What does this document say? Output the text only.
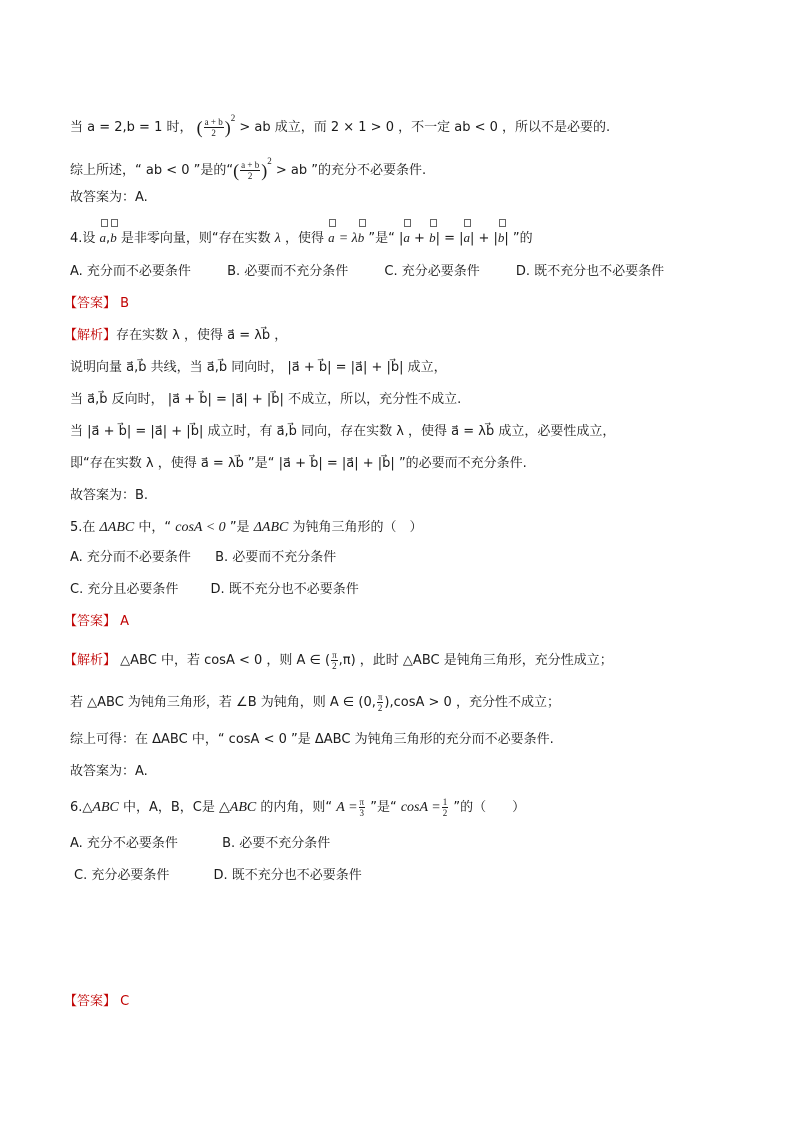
当 a = 2,b = 1 时， ( $\frac{a + b}{2} )^2$ > ab 成立，而 2 × 1 > 0 ，不一定 ab < 0 ，所以不是必要的.
综上所述，“ ab < 0 ”是的“( $\frac{a + b}{2} )^2$ > ab ”的充分不必要条件.
故答案为：A.
4.设 a,b 是非零向量，则“存在实数 λ ，使得 a = λb ”是“ |a + b| = |a| + |b| ”的
A. 充分而不必要条件	B. 必要而不充分条件	C. 充分必要条件	D. 既不充分也不必要条件
【答案】 B
【解析】存在实数 λ ，使得 a⃗ = λb⃗ ，
说明向量 a⃗,b⃗ 共线，当 a⃗,b⃗ 同向时， |a⃗ + b⃗| = |a⃗| + |b⃗| 成立，
当 a⃗,b⃗ 反向时， |a⃗ + b⃗| = |a⃗| + |b⃗| 不成立，所以，充分性不成立.
当 |a⃗ + b⃗| = |a⃗| + |b⃗| 成立时，有 a⃗,b⃗ 同向，存在实数 λ ，使得 a⃗ = λb⃗ 成立，必要性成立，
即“存在实数 λ ，使得 a⃗ = λb⃗ ”是“ |a⃗ + b⃗| = |a⃗| + |b⃗| ”的必要而不充分条件.
故答案为：B.
5.在 ΔABC 中，“ cosA < 0 ”是 ΔABC 为钝角三角形的（　）
A. 充分而不必要条件 B. 必要而不充分条件
C. 充分且必要条件 D. 既不充分也不必要条件
【答案】 A
【解析】 △ABC 中，若 cosA < 0 ，则 A ∈ ( $\frac{\pi}{2} ,\pi$) ，此时 △ABC 是钝角三角形，充分性成立；
若 △ABC 为钝角三角形，若 ∠B 为钝角，则 A ∈ (0, $\frac{\pi}{2} ),\cos A > 0$ ，充分性不成立；
综上可得：在 ΔABC 中，“ cosA < 0 ”是 ΔABC 为钝角三角形的充分而不必要条件.
故答案为：A.
6.△ABC 中，A，B，C是 △ABC 的内角，则“ $A = \frac{\pi}{3}$ ”是“ $\cos A = \frac{1}{2}$ ”的（　　）
A. 充分不必要条件	B. 必要不充分条件
C. 充分必要条件	D. 既不充分也不必要条件
【答案】 C
